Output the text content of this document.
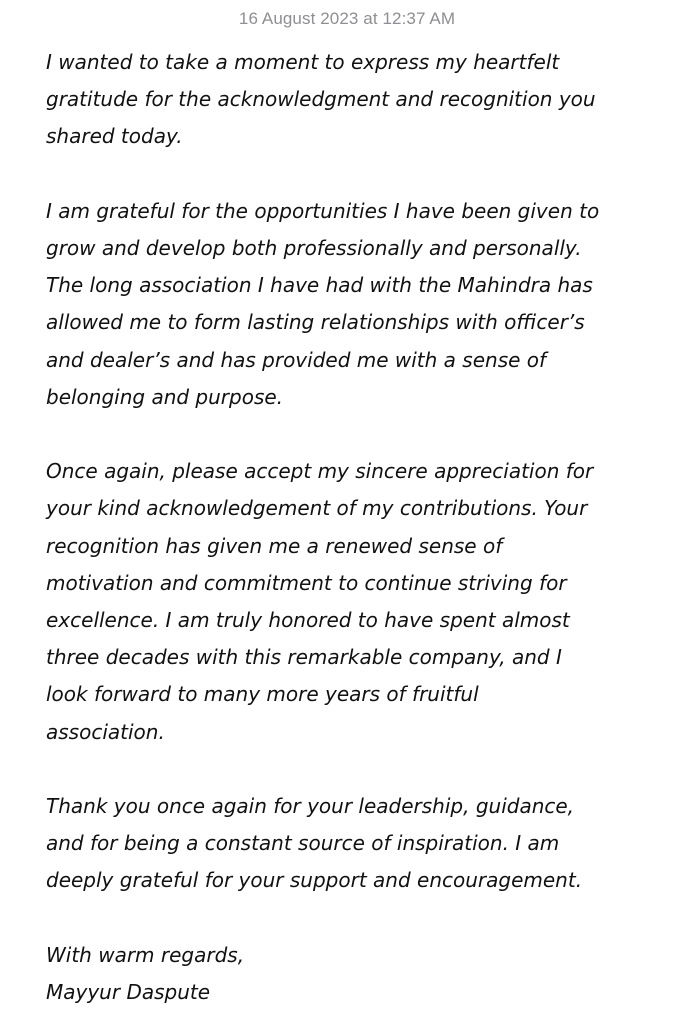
16 August 2023 at 12:37 AM
I wanted to take a moment to express my heartfelt
gratitude for the acknowledgment and recognition you
shared today.
I am grateful for the opportunities I have been given to
grow and develop both professionally and personally.
The long association I have had with the Mahindra has
allowed me to form lasting relationships with officer’s
and dealer’s and has provided me with a sense of
belonging and purpose.
Once again, please accept my sincere appreciation for
your kind acknowledgement of my contributions. Your
recognition has given me a renewed sense of
motivation and commitment to continue striving for
excellence. I am truly honored to have spent almost
three decades with this remarkable company, and I
look forward to many more years of fruitful
association.
Thank you once again for your leadership, guidance,
and for being a constant source of inspiration. I am
deeply grateful for your support and encouragement.
With warm regards,
Mayyur Daspute
